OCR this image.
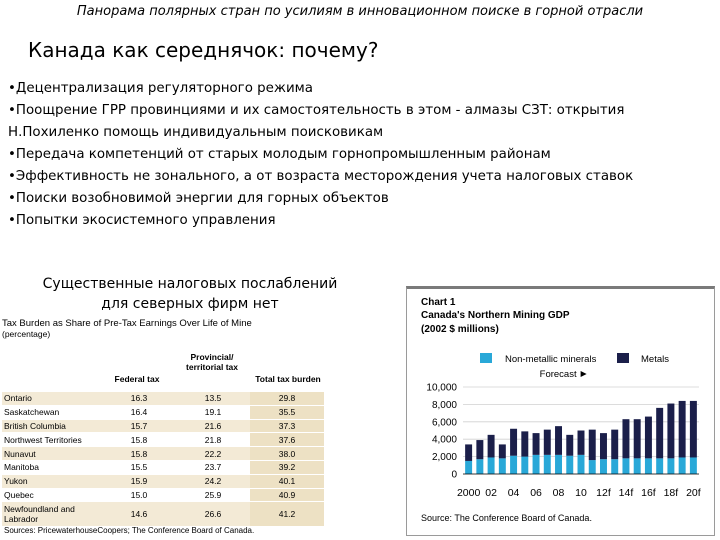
Панорама полярных стран по усилиям в инновационном поиске в горной отрасли
Канада как середнячок: почему?
•Децентрализация регуляторного режима
•Поощрение ГРР провинциями и их самостоятельность в этом - алмазы СЗТ: открытия
Н.Похиленко помощь индивидуальным поисковикам
•Передача компетенций от старых молодым горнопромышленным районам
•Эффективность не зонального, а от возраста месторождения учета налоговых ставок
•Поиски возобновимой энергии для горных объектов
•Попытки экосистемного управления
Существенные налоговых послаблений
для северных фирм нет
Tax Burden as Share of Pre-Tax Earnings Over Life of Mine
(percentage)
Federal tax
Provincial/
territorial tax
Total tax burden
Ontario	16.3	13.5	29.8
Saskatchewan	16.4	19.1	35.5
British Columbia	15.7	21.6	37.3
Northwest Territories	15.8	21.8	37.6
Nunavut	15.8	22.2	38.0
Manitoba	15.5	23.7	39.2
Yukon	15.9	24.2	40.1
Quebec	15.0	25.9	40.9
Newfoundland and Labrador	14.6	26.6	41.2
Sources: PricewaterhouseCoopers; The Conference Board of Canada.
Chart 1
Canada's Northern Mining GDP
(2002 $ millions)
0
2,000
4,000
6,000
8,000
10,000
2000 02 04 06 08 10 12f 14f 16f 18f 20f
Non-metallic minerals	Metals
Forecast
Source: The Conference Board of Canada.
